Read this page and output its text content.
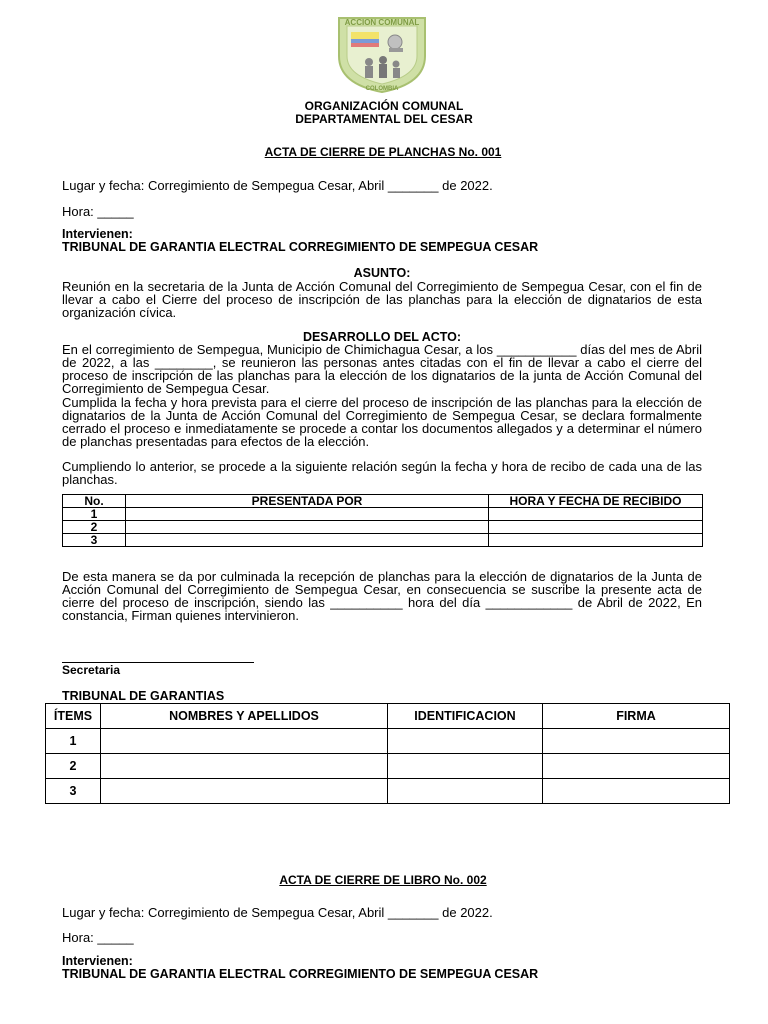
ACCION COMUNAL
COLOMBIA
ORGANIZACIÓN COMUNAL
DEPARTAMENTAL DEL CESAR
ACTA DE CIERRE DE PLANCHAS No. 001
Lugar y fecha: Corregimiento de Sempegua Cesar, Abril _______ de 2022.
Hora: _____
Intervienen:
TRIBUNAL DE GARANTIA ELECTRAL CORREGIMIENTO DE SEMPEGUA CESAR
ASUNTO:
Reunión en la secretaria de la Junta de Acción Comunal del Corregimiento de Sempegua Cesar, con el fin de llevar a cabo el Cierre del proceso de inscripción de las planchas para la elección de dignatarios de esta organización cívica.
DESARROLLO DEL ACTO:
En el corregimiento de Sempegua, Municipio de Chimichagua Cesar, a los ___________ días del mes de Abril de 2022, a las ________, se reunieron las personas antes citadas con el fin de llevar a cabo el cierre del proceso de inscripción de las planchas para la elección de los dignatarios de la junta de Acción Comunal del Corregimiento de Sempegua Cesar.
Cumplida la fecha y hora prevista para el cierre del proceso de inscripción de las planchas para la elección de dignatarios de la Junta de Acción Comunal del Corregimiento de Sempegua Cesar, se declara formalmente cerrado el proceso e inmediatamente se procede a contar los documentos allegados y a determinar el número de planchas presentadas para efectos de la elección.
Cumpliendo lo anterior, se procede a la siguiente relación según la fecha y hora de recibo de cada una de las planchas.
No.	PRESENTADA POR	HORA Y FECHA DE RECIBIDO
1		
2		
3		
De esta manera se da por culminada la recepción de planchas para la elección de dignatarios de la Junta de Acción Comunal del Corregimiento de Sempegua Cesar, en consecuencia se suscribe la presente acta de cierre del proceso de inscripción, siendo las __________ hora del día ____________ de Abril de 2022, En constancia, Firman quienes intervinieron.
Secretaria
TRIBUNAL DE GARANTIAS
ÍTEMS	NOMBRES Y APELLIDOS	IDENTIFICACION	FIRMA
1			
2			
3			
ACTA DE CIERRE DE LIBRO No. 002
Lugar y fecha: Corregimiento de Sempegua Cesar, Abril _______ de 2022.
Hora: _____
Intervienen:
TRIBUNAL DE GARANTIA ELECTRAL CORREGIMIENTO DE SEMPEGUA CESAR
